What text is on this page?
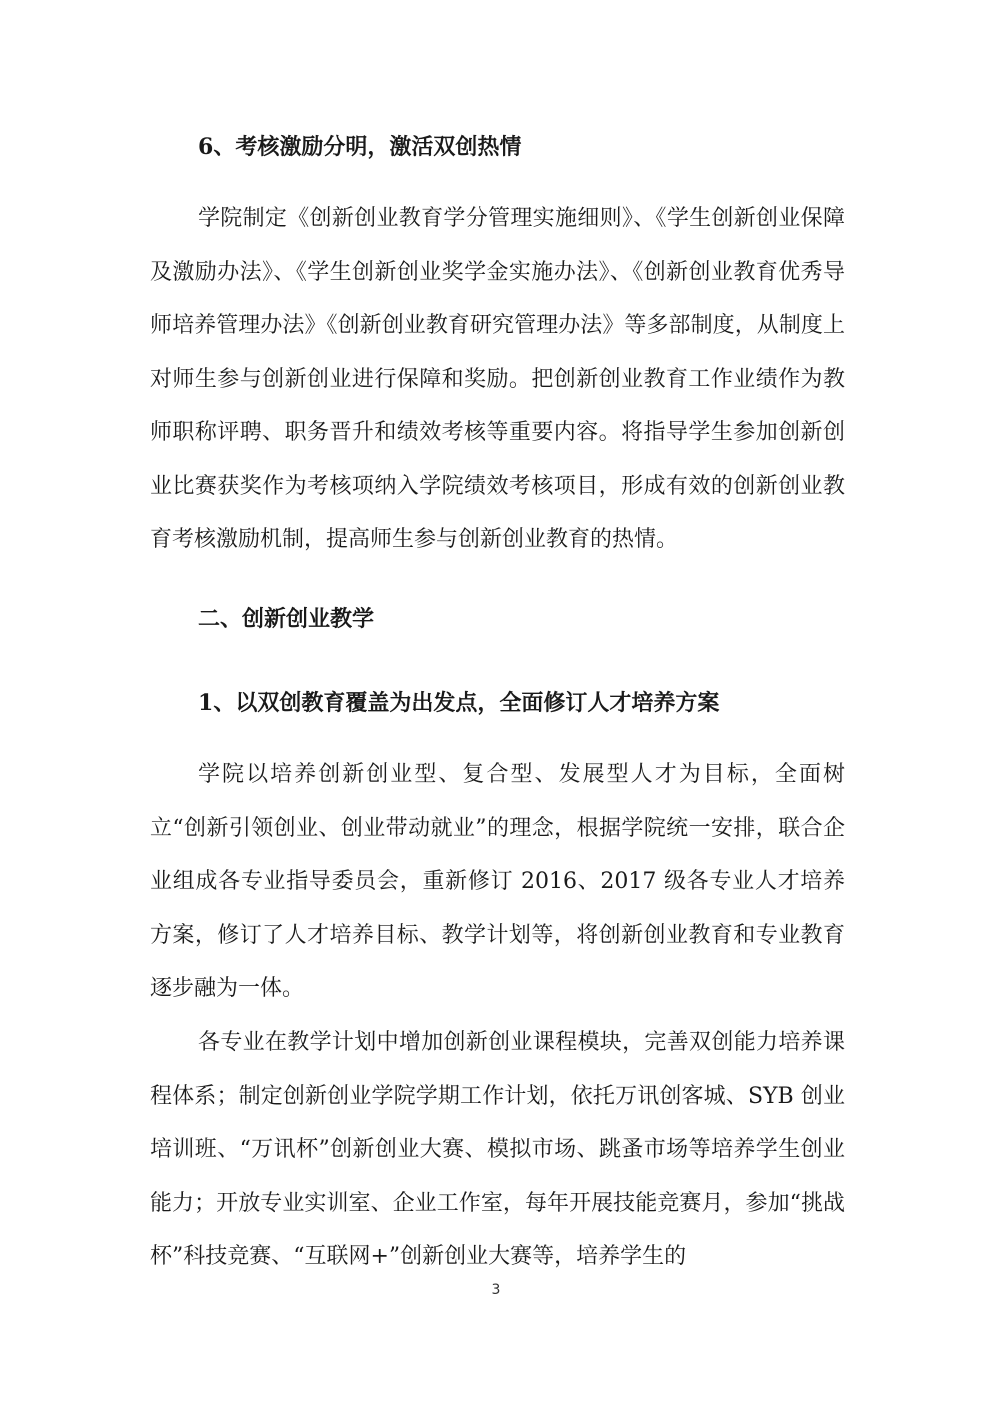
6、考核激励分明，激活双创热情

学院制定《创新创业教育学分管理实施细则》、《学生创新创业保障及激励办法》、《学生创新创业奖学金实施办法》、《创新创业教育优秀导师培养管理办法》《创新创业教育研究管理办法》等多部制度，从制度上对师生参与创新创业进行保障和奖励。把创新创业教育工作业绩作为教师职称评聘、职务晋升和绩效考核等重要内容。将指导学生参加创新创业比赛获奖作为考核项纳入学院绩效考核项目，形成有效的创新创业教育考核激励机制，提高师生参与创新创业教育的热情。

二、创新创业教学
1、以双创教育覆盖为出发点，全面修订人才培养方案

学院以培养创新创业型、复合型、发展型人才为目标，全面树立“创新引领创业、创业带动就业”的理念，根据学院统一安排，联合企业组成各专业指导委员会，重新修订 2016、2017 级各专业人才培养方案，修订了人才培养目标、教学计划等，将创新创业教育和专业教育逐步融为一体。

各专业在教学计划中增加创新创业课程模块，完善双创能力培养课程体系；制定创新创业学院学期工作计划，依托万讯创客城、SYB 创业培训班、“万讯杯”创新创业大赛、模拟市场、跳蚤市场等培养学生创业能力；开放专业实训室、企业工作室，每年开展技能竞赛月，参加“挑战杯”科技竞赛、“互联网+”创新创业大赛等，培养学生的

3
